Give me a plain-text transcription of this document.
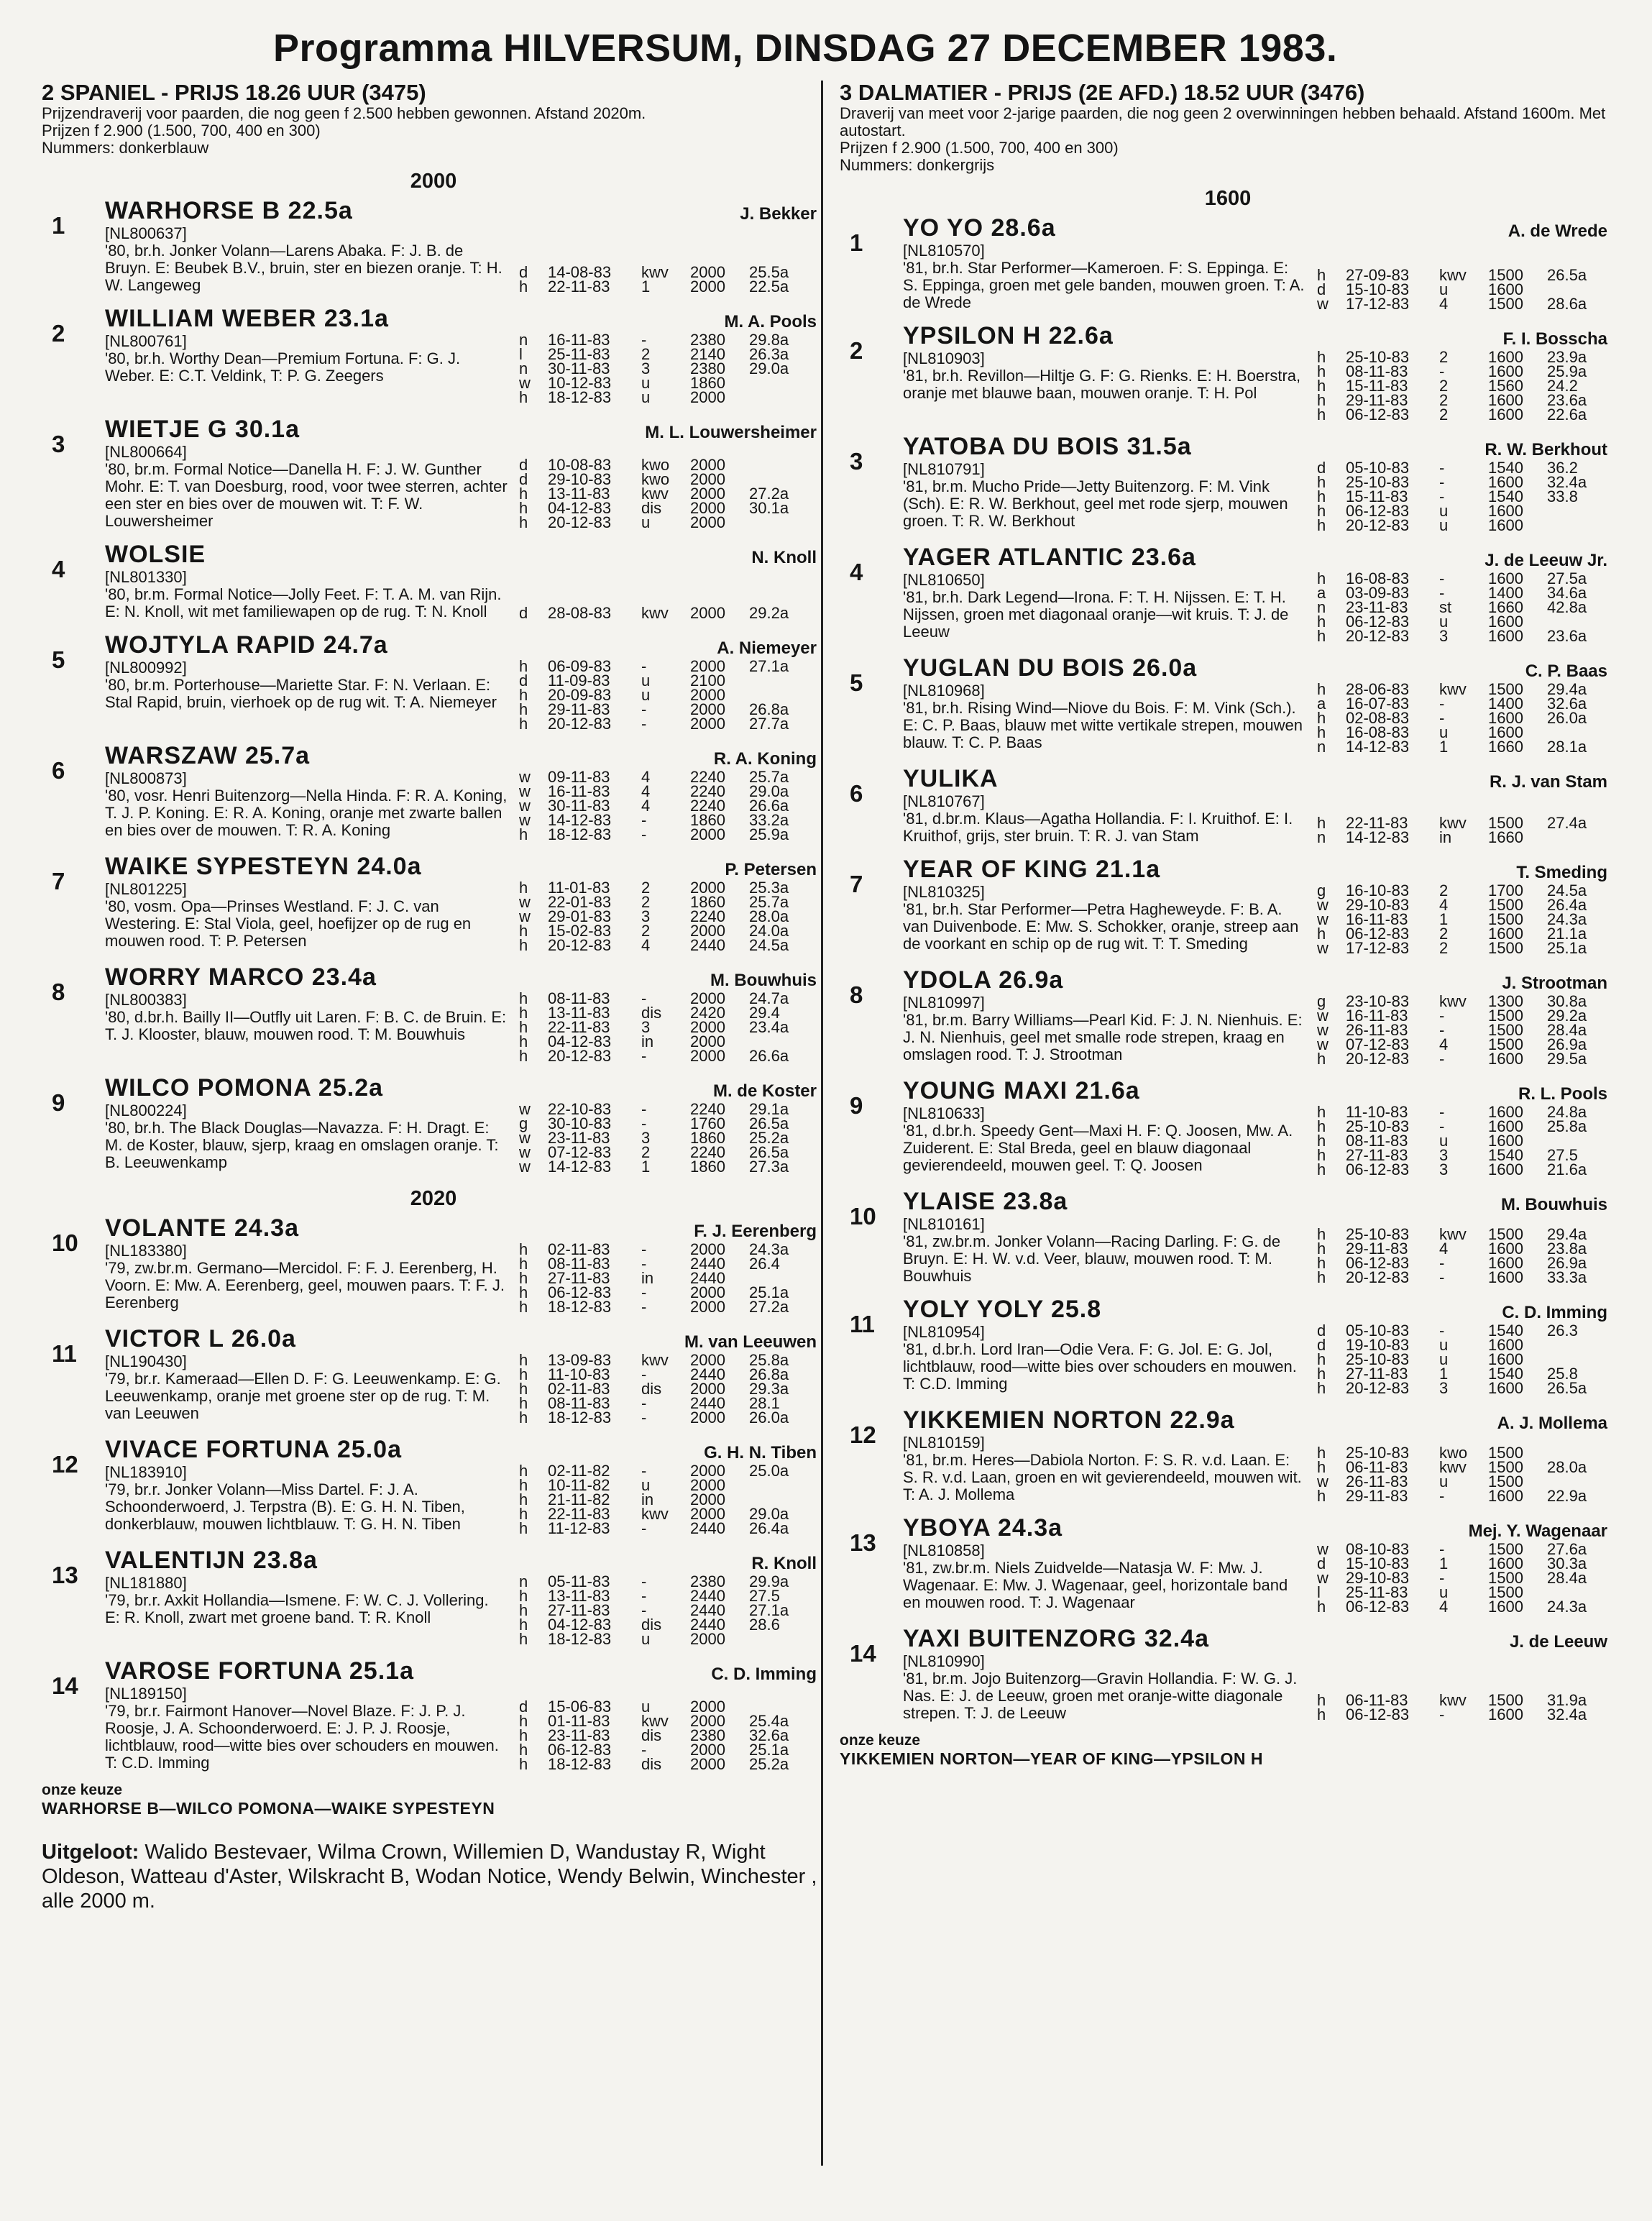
Programma HILVERSUM, DINSDAG 27 DECEMBER 1983.
2 SPANIEL - PRIJS 18.26 UUR (3475)
Prijzendraverij voor paarden, die nog geen f 2.500 hebben gewonnen. Afstand 2020m.
Prijzen f 2.900 (1.500, 700, 400 en 300)
Nummers: donkerblauw
2000
1
WARHORSE B 22.5a	J. Bekker
[NL800637]
'80, br.h. Jonker Volann—Larens Abaka. F: J. B. de Bruyn. E: Beubek B.V., bruin, ster en biezen oranje. T: H. W. Langeweg
d	14-08-83	kwv	2000	25.5a
h	22-11-83	1	2000	22.5a
2
WILLIAM WEBER 23.1a	M. A. Pools
[NL800761]
'80, br.h. Worthy Dean—Premium Fortuna. F: G. J. Weber. E: C.T. Veldink, T: P. G. Zeegers
n	16-11-83	-	2380	29.8a
l	25-11-83	2	2140	26.3a
n	30-11-83	3	2380	29.0a
w	10-12-83	u	1860
h	18-12-83	u	2000
3
WIETJE G 30.1a	M. L. Louwersheimer
[NL800664]
'80, br.m. Formal Notice—Danella H. F: J. W. Gunther Mohr. E: T. van Doesburg, rood, voor twee sterren, achter een ster en bies over de mouwen wit. T: F. W. Louwersheimer
d	10-08-83	kwo	2000
d	29-10-83	kwo	2000
h	13-11-83	kwv	2000	27.2a
h	04-12-83	dis	2000	30.1a
h	20-12-83	u	2000
4
WOLSIE	N. Knoll
[NL801330]
'80, br.m. Formal Notice—Jolly Feet. F: T. A. M. van Rijn. E: N. Knoll, wit met familiewapen op de rug. T: N. Knoll	d	28-08-83	kwv	2000	29.2a
5
WOJTYLA RAPID 24.7a	A. Niemeyer
[NL800992]
'80, br.m. Porterhouse—Mariette Star. F: N. Verlaan. E: Stal Rapid, bruin, vierhoek op de rug wit. T: A. Niemeyer
h	06-09-83	-	2000	27.1a
d	11-09-83	u	2100
h	20-09-83	u	2000
h	29-11-83	-	2000	26.8a
h	20-12-83	-	2000	27.7a
6
WARSZAW 25.7a	R. A. Koning
[NL800873]
'80, vosr. Henri Buitenzorg—Nella Hinda. F: R. A. Koning, T. J. P. Koning. E: R. A. Koning, oranje met zwarte ballen en bies over de mouwen. T: R. A. Koning
w	09-11-83	4	2240	25.7a
w	16-11-83	4	2240	29.0a
w	30-11-83	4	2240	26.6a
w	14-12-83	-	1860	33.2a
h	18-12-83	-	2000	25.9a
7
WAIKE SYPESTEYN 24.0a	P. Petersen
[NL801225]
'80, vosm. Opa—Prinses Westland. F: J. C. van Westering. E: Stal Viola, geel, hoefijzer op de rug en mouwen rood. T: P. Petersen
h	11-01-83	2	2000	25.3a
w	22-01-83	2	1860	25.7a
w	29-01-83	3	2240	28.0a
h	15-02-83	2	2000	24.0a
h	20-12-83	4	2440	24.5a
8
WORRY MARCO 23.4a	M. Bouwhuis
[NL800383]
'80, d.br.h. Bailly II—Outfly uit Laren. F: B. C. de Bruin. E: T. J. Klooster, blauw, mouwen rood. T: M. Bouwhuis
h	08-11-83	-	2000	24.7a
h	13-11-83	dis	2420	29.4
h	22-11-83	3	2000	23.4a
h	04-12-83	in	2000
h	20-12-83	-	2000	26.6a
9
WILCO POMONA 25.2a	M. de Koster
[NL800224]
'80, br.h. The Black Douglas—Navazza. F: H. Dragt. E: M. de Koster, blauw, sjerp, kraag en omslagen oranje. T: B. Leeuwenkamp
w	22-10-83	-	2240	29.1a
g	30-10-83	-	1760	26.5a
w	23-11-83	3	1860	25.2a
w	07-12-83	2	2240	26.5a
w	14-12-83	1	1860	27.3a
2020
10
VOLANTE 24.3a	F. J. Eerenberg
[NL183380]
'79, zw.br.m. Germano—Mercidol. F: F. J. Eerenberg, H. Voorn. E: Mw. A. Eerenberg, geel, mouwen paars. T: F. J. Eerenberg
h	02-11-83	-	2000	24.3a
h	08-11-83	-	2440	26.4
h	27-11-83	in	2440
h	06-12-83	-	2000	25.1a
h	18-12-83	-	2000	27.2a
11
VICTOR L 26.0a	M. van Leeuwen
[NL190430]
'79, br.r. Kameraad—Ellen D. F: G. Leeuwenkamp. E: G. Leeuwenkamp, oranje met groene ster op de rug. T: M. van Leeuwen
h	13-09-83	kwv	2000	25.8a
h	11-10-83	-	2440	26.8a
h	02-11-83	dis	2000	29.3a
h	08-11-83	-	2440	28.1
h	18-12-83	-	2000	26.0a
12
VIVACE FORTUNA 25.0a	G. H. N. Tiben
[NL183910]
'79, br.r. Jonker Volann—Miss Dartel. F: J. A. Schoonderwoerd, J. Terpstra (B). E: G. H. N. Tiben, donkerblauw, mouwen lichtblauw. T: G. H. N. Tiben
h	02-11-82	-	2000	25.0a
h	10-11-82	u	2000
h	21-11-82	in	2000
h	22-11-83	kwv	2000	29.0a
h	11-12-83	-	2440	26.4a
13
VALENTIJN 23.8a	R. Knoll
[NL181880]
'79, br.r. Axkit Hollandia—Ismene. F: W. C. J. Vollering. E: R. Knoll, zwart met groene band. T: R. Knoll
n	05-11-83	-	2380	29.9a
h	13-11-83	-	2440	27.5
h	27-11-83	-	2440	27.1a
h	04-12-83	dis	2440	28.6
h	18-12-83	u	2000
14
VAROSE FORTUNA 25.1a	C. D. Imming
[NL189150]
'79, br.r. Fairmont Hanover—Novel Blaze. F: J. P. J. Roosje, J. A. Schoonderwoerd. E: J. P. J. Roosje, lichtblauw, rood—witte bies over schouders en mouwen. T: C.D. Imming
d	15-06-83	u	2000
h	01-11-83	kwv	2000	25.4a
h	23-11-83	dis	2380	32.6a
h	06-12-83	-	2000	25.1a
h	18-12-83	dis	2000	25.2a
onze keuze
WARHORSE B—WILCO POMONA—WAIKE SYPESTEYN
Uitgeloot: Walido Bestevaer, Wilma Crown, Willemien D, Wandustay R, Wight Oldeson, Watteau d'Aster, Wilskracht B, Wodan Notice, Wendy Belwin, Winchester , alle 2000 m.
3 DALMATIER - PRIJS (2E AFD.) 18.52 UUR (3476)
Draverij van meet voor 2-jarige paarden, die nog geen 2 overwinningen hebben behaald. Afstand 1600m. Met autostart.
Prijzen f 2.900 (1.500, 700, 400 en 300)
Nummers: donkergrijs
1600
1
YO YO 28.6a	A. de Wrede
[NL810570]
'81, br.h. Star Performer—Kameroen. F: S. Eppinga. E: S. Eppinga, groen met gele banden, mouwen groen. T: A. de Wrede
h	27-09-83	kwv	1500	26.5a
d	15-10-83	u	1600
w	17-12-83	4	1500	28.6a
2
YPSILON H 22.6a	F. I. Bosscha
[NL810903]
'81, br.h. Revillon—Hiltje G. F: G. Rienks. E: H. Boerstra, oranje met blauwe baan, mouwen oranje. T: H. Pol
h	25-10-83	2	1600	23.9a
h	08-11-83	-	1600	25.9a
h	15-11-83	2	1560	24.2
h	29-11-83	2	1600	23.6a
h	06-12-83	2	1600	22.6a
3
YATOBA DU BOIS 31.5a	R. W. Berkhout
[NL810791]
'81, br.m. Mucho Pride—Jetty Buitenzorg. F: M. Vink (Sch). E: R. W. Berkhout, geel met rode sjerp, mouwen groen. T: R. W. Berkhout
d	05-10-83	-	1540	36.2
h	25-10-83	-	1600	32.4a
h	15-11-83	-	1540	33.8
h	06-12-83	u	1600
h	20-12-83	u	1600
4
YAGER ATLANTIC 23.6a	J. de Leeuw Jr.
[NL810650]
'81, br.h. Dark Legend—Irona. F: T. H. Nijssen. E: T. H. Nijssen, groen met diagonaal oranje—wit kruis. T: J. de Leeuw
h	16-08-83	-	1600	27.5a
a	03-09-83	-	1400	34.6a
n	23-11-83	st	1660	42.8a
h	06-12-83	u	1600
h	20-12-83	3	1600	23.6a
5
YUGLAN DU BOIS 26.0a	C. P. Baas
[NL810968]
'81, br.h. Rising Wind—Niove du Bois. F: M. Vink (Sch.). E: C. P. Baas, blauw met witte vertikale strepen, mouwen blauw. T: C. P. Baas
h	28-06-83	kwv	1500	29.4a
a	16-07-83	-	1400	32.6a
h	02-08-83	-	1600	26.0a
h	16-08-83	u	1600
n	14-12-83	1	1660	28.1a
6
YULIKA	R. J. van Stam
[NL810767]
'81, d.br.m. Klaus—Agatha Hollandia. F: I. Kruithof. E: I. Kruithof, grijs, ster bruin. T: R. J. van Stam
h	22-11-83	kwv	1500	27.4a
n	14-12-83	in	1660
7
YEAR OF KING 21.1a	T. Smeding
[NL810325]
'81, br.h. Star Performer—Petra Hagheweyde. F: B. A. van Duivenbode. E: Mw. S. Schokker, oranje, streep aan de voorkant en schip op de rug wit. T: T. Smeding
g	16-10-83	2	1700	24.5a
w	29-10-83	4	1500	26.4a
w	16-11-83	1	1500	24.3a
h	06-12-83	2	1600	21.1a
w	17-12-83	2	1500	25.1a
8
YDOLA 26.9a	J. Strootman
[NL810997]
'81, br.m. Barry Williams—Pearl Kid. F: J. N. Nienhuis. E: J. N. Nienhuis, geel met smalle rode strepen, kraag en omslagen rood. T: J. Strootman
g	23-10-83	kwv	1300	30.8a
w	16-11-83	-	1500	29.2a
w	26-11-83	-	1500	28.4a
w	07-12-83	4	1500	26.9a
h	20-12-83	-	1600	29.5a
9
YOUNG MAXI 21.6a	R. L. Pools
[NL810633]
'81, d.br.h. Speedy Gent—Maxi H. F: Q. Joosen, Mw. A. Zuiderent. E: Stal Breda, geel en blauw diagonaal gevierendeeld, mouwen geel. T: Q. Joosen
h	11-10-83	-	1600	24.8a
h	25-10-83	-	1600	25.8a
h	08-11-83	u	1600
h	27-11-83	3	1540	27.5
h	06-12-83	3	1600	21.6a
10
YLAISE 23.8a	M. Bouwhuis
[NL810161]
'81, zw.br.m. Jonker Volann—Racing Darling. F: G. de Bruyn. E: H. W. v.d. Veer, blauw, mouwen rood. T: M. Bouwhuis
h	25-10-83	kwv	1500	29.4a
h	29-11-83	4	1600	23.8a
h	06-12-83	-	1600	26.9a
h	20-12-83	-	1600	33.3a
11
YOLY YOLY 25.8	C. D. Imming
[NL810954]
'81, d.br.h. Lord Iran—Odie Vera. F: G. Jol. E: G. Jol, lichtblauw, rood—witte bies over schouders en mouwen. T: C.D. Imming
d	05-10-83	-	1540	26.3
d	19-10-83	u	1600
h	25-10-83	u	1600
h	27-11-83	1	1540	25.8
h	20-12-83	3	1600	26.5a
12
YIKKEMIEN NORTON 22.9a	A. J. Mollema
[NL810159]
'81, br.m. Heres—Dabiola Norton. F: S. R. v.d. Laan. E: S. R. v.d. Laan, groen en wit gevierendeeld, mouwen wit. T: A. J. Mollema
h	25-10-83	kwo	1500
h	06-11-83	kwv	1500	28.0a
w	26-11-83	u	1500
h	29-11-83	-	1600	22.9a
13
YBOYA 24.3a	Mej. Y. Wagenaar
[NL810858]
'81, zw.br.m. Niels Zuidvelde—Natasja W. F: Mw. J. Wagenaar. E: Mw. J. Wagenaar, geel, horizontale band en mouwen rood. T: J. Wagenaar
w	08-10-83	-	1500	27.6a
d	15-10-83	1	1600	30.3a
w	29-10-83	-	1500	28.4a
l	25-11-83	u	1500
h	06-12-83	4	1600	24.3a
14
YAXI BUITENZORG 32.4a	J. de Leeuw
[NL810990]
'81, br.m. Jojo Buitenzorg—Gravin Hollandia. F: W. G. J. Nas. E: J. de Leeuw, groen met oranje-witte diagonale strepen. T: J. de Leeuw
h	06-11-83	kwv	1500	31.9a
h	06-12-83	-	1600	32.4a
onze keuze
YIKKEMIEN NORTON—YEAR OF KING—YPSILON H
